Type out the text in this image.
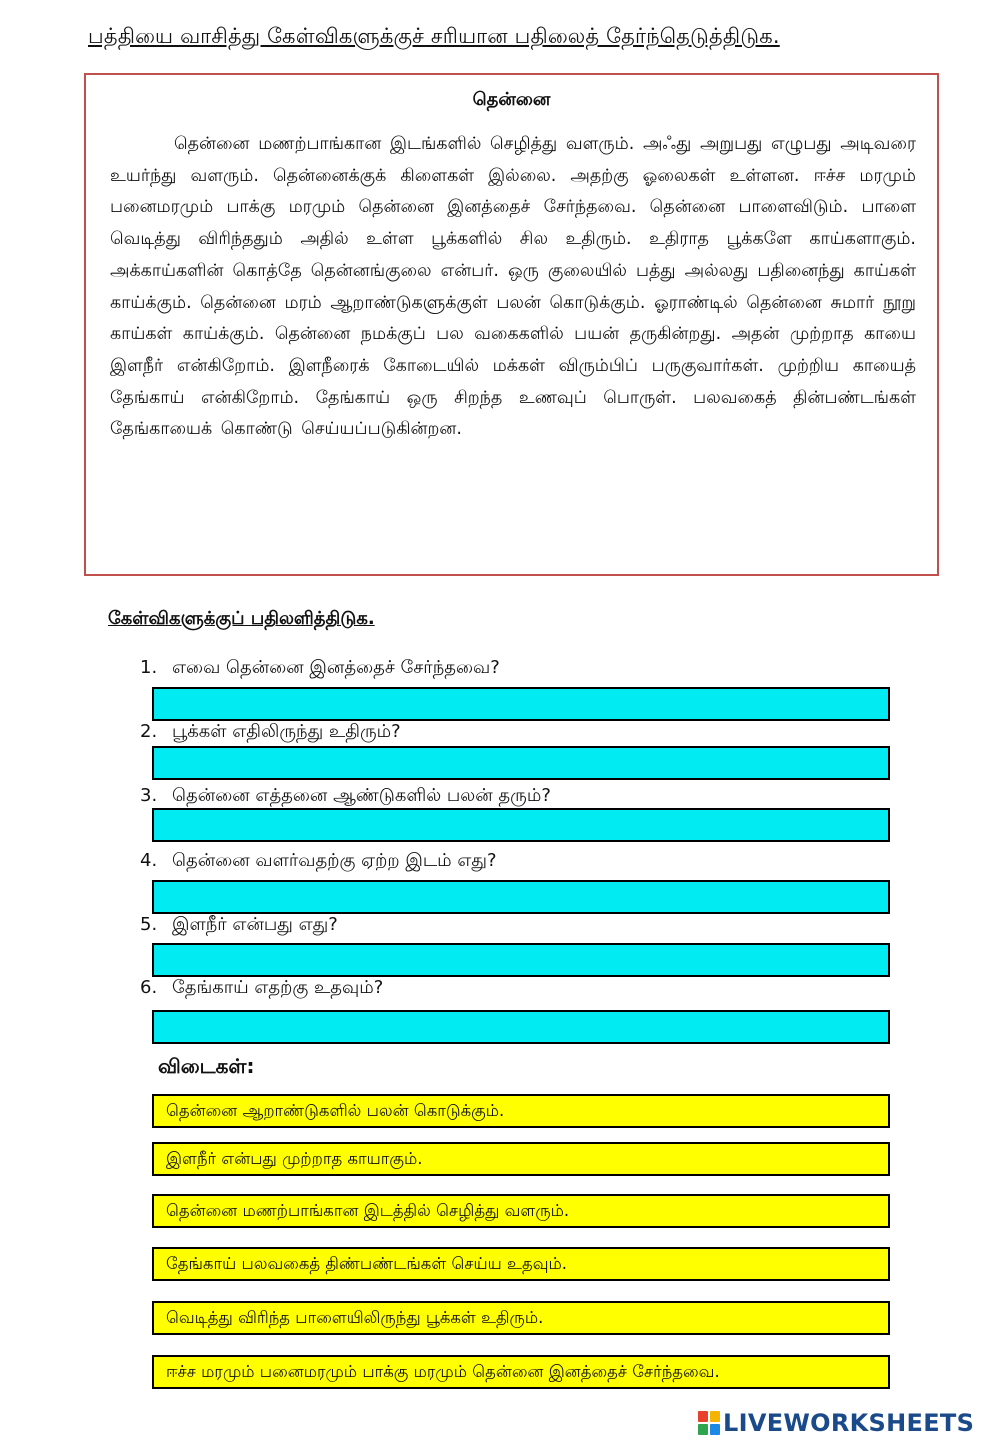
பத்தியை வாசித்து கேள்விகளுக்குச் சரியான பதிலைத் தேர்ந்தெடுத்திடுக.
தென்னை

தென்னை மணற்பாங்கான இடங்களில் செழித்து வளரும். அஃது அறுபது எழுபது அடிவரை உயர்ந்து வளரும். தென்னைக்குக் கிளைகள் இல்லை. அதற்கு ஓலைகள் உள்ளன. ஈச்ச மரமும் பனைமரமும் பாக்கு மரமும் தென்னை இனத்தைச் சேர்ந்தவை. தென்னை பாளைவிடும். பாளை வெடித்து விரிந்ததும் அதில் உள்ள பூக்களில் சில உதிரும். உதிராத பூக்களே காய்களாகும். அக்காய்களின் கொத்தே தென்னங்குலை என்பர். ஒரு குலையில் பத்து அல்லது பதினைந்து காய்கள் காய்க்கும். தென்னை மரம் ஆறாண்டுகளுக்குள் பலன் கொடுக்கும். ஓராண்டில் தென்னை சுமார் நூறு காய்கள் காய்க்கும். தென்னை நமக்குப் பல வகைகளில் பயன் தருகின்றது. அதன் முற்றாத காயை இளநீர் என்கிறோம். இளநீரைக் கோடையில் மக்கள் விரும்பிப் பருகுவார்கள். முற்றிய காயைத் தேங்காய் என்கிறோம். தேங்காய் ஒரு சிறந்த உணவுப் பொருள். பலவகைத் தின்பண்டங்கள் தேங்காயைக் கொண்டு செய்யப்படுகின்றன.

கேள்விகளுக்குப் பதிலளித்திடுக.
1. எவை தென்னை இனத்தைச் சேர்ந்தவை?
2. பூக்கள் எதிலிருந்து உதிரும்?
3. தென்னை எத்தனை ஆண்டுகளில் பலன் தரும்?
4. தென்னை வளர்வதற்கு ஏற்ற இடம் எது?
5. இளநீர் என்பது எது?
6. தேங்காய் எதற்கு உதவும்?
விடைகள்:
தென்னை ஆறாண்டுகளில் பலன் கொடுக்கும்.
இளநீர் என்பது முற்றாத காயாகும்.
தென்னை மணற்பாங்கான இடத்தில் செழித்து வளரும்.
தேங்காய் பலவகைத் திண்பண்டங்கள் செய்ய உதவும்.
வெடித்து விரிந்த பாளையிலிருந்து பூக்கள் உதிரும்.
ஈச்ச மரமும் பனைமரமும் பாக்கு மரமும் தென்னை இனத்தைச் சேர்ந்தவை.
LIVEWORKSHEETS
